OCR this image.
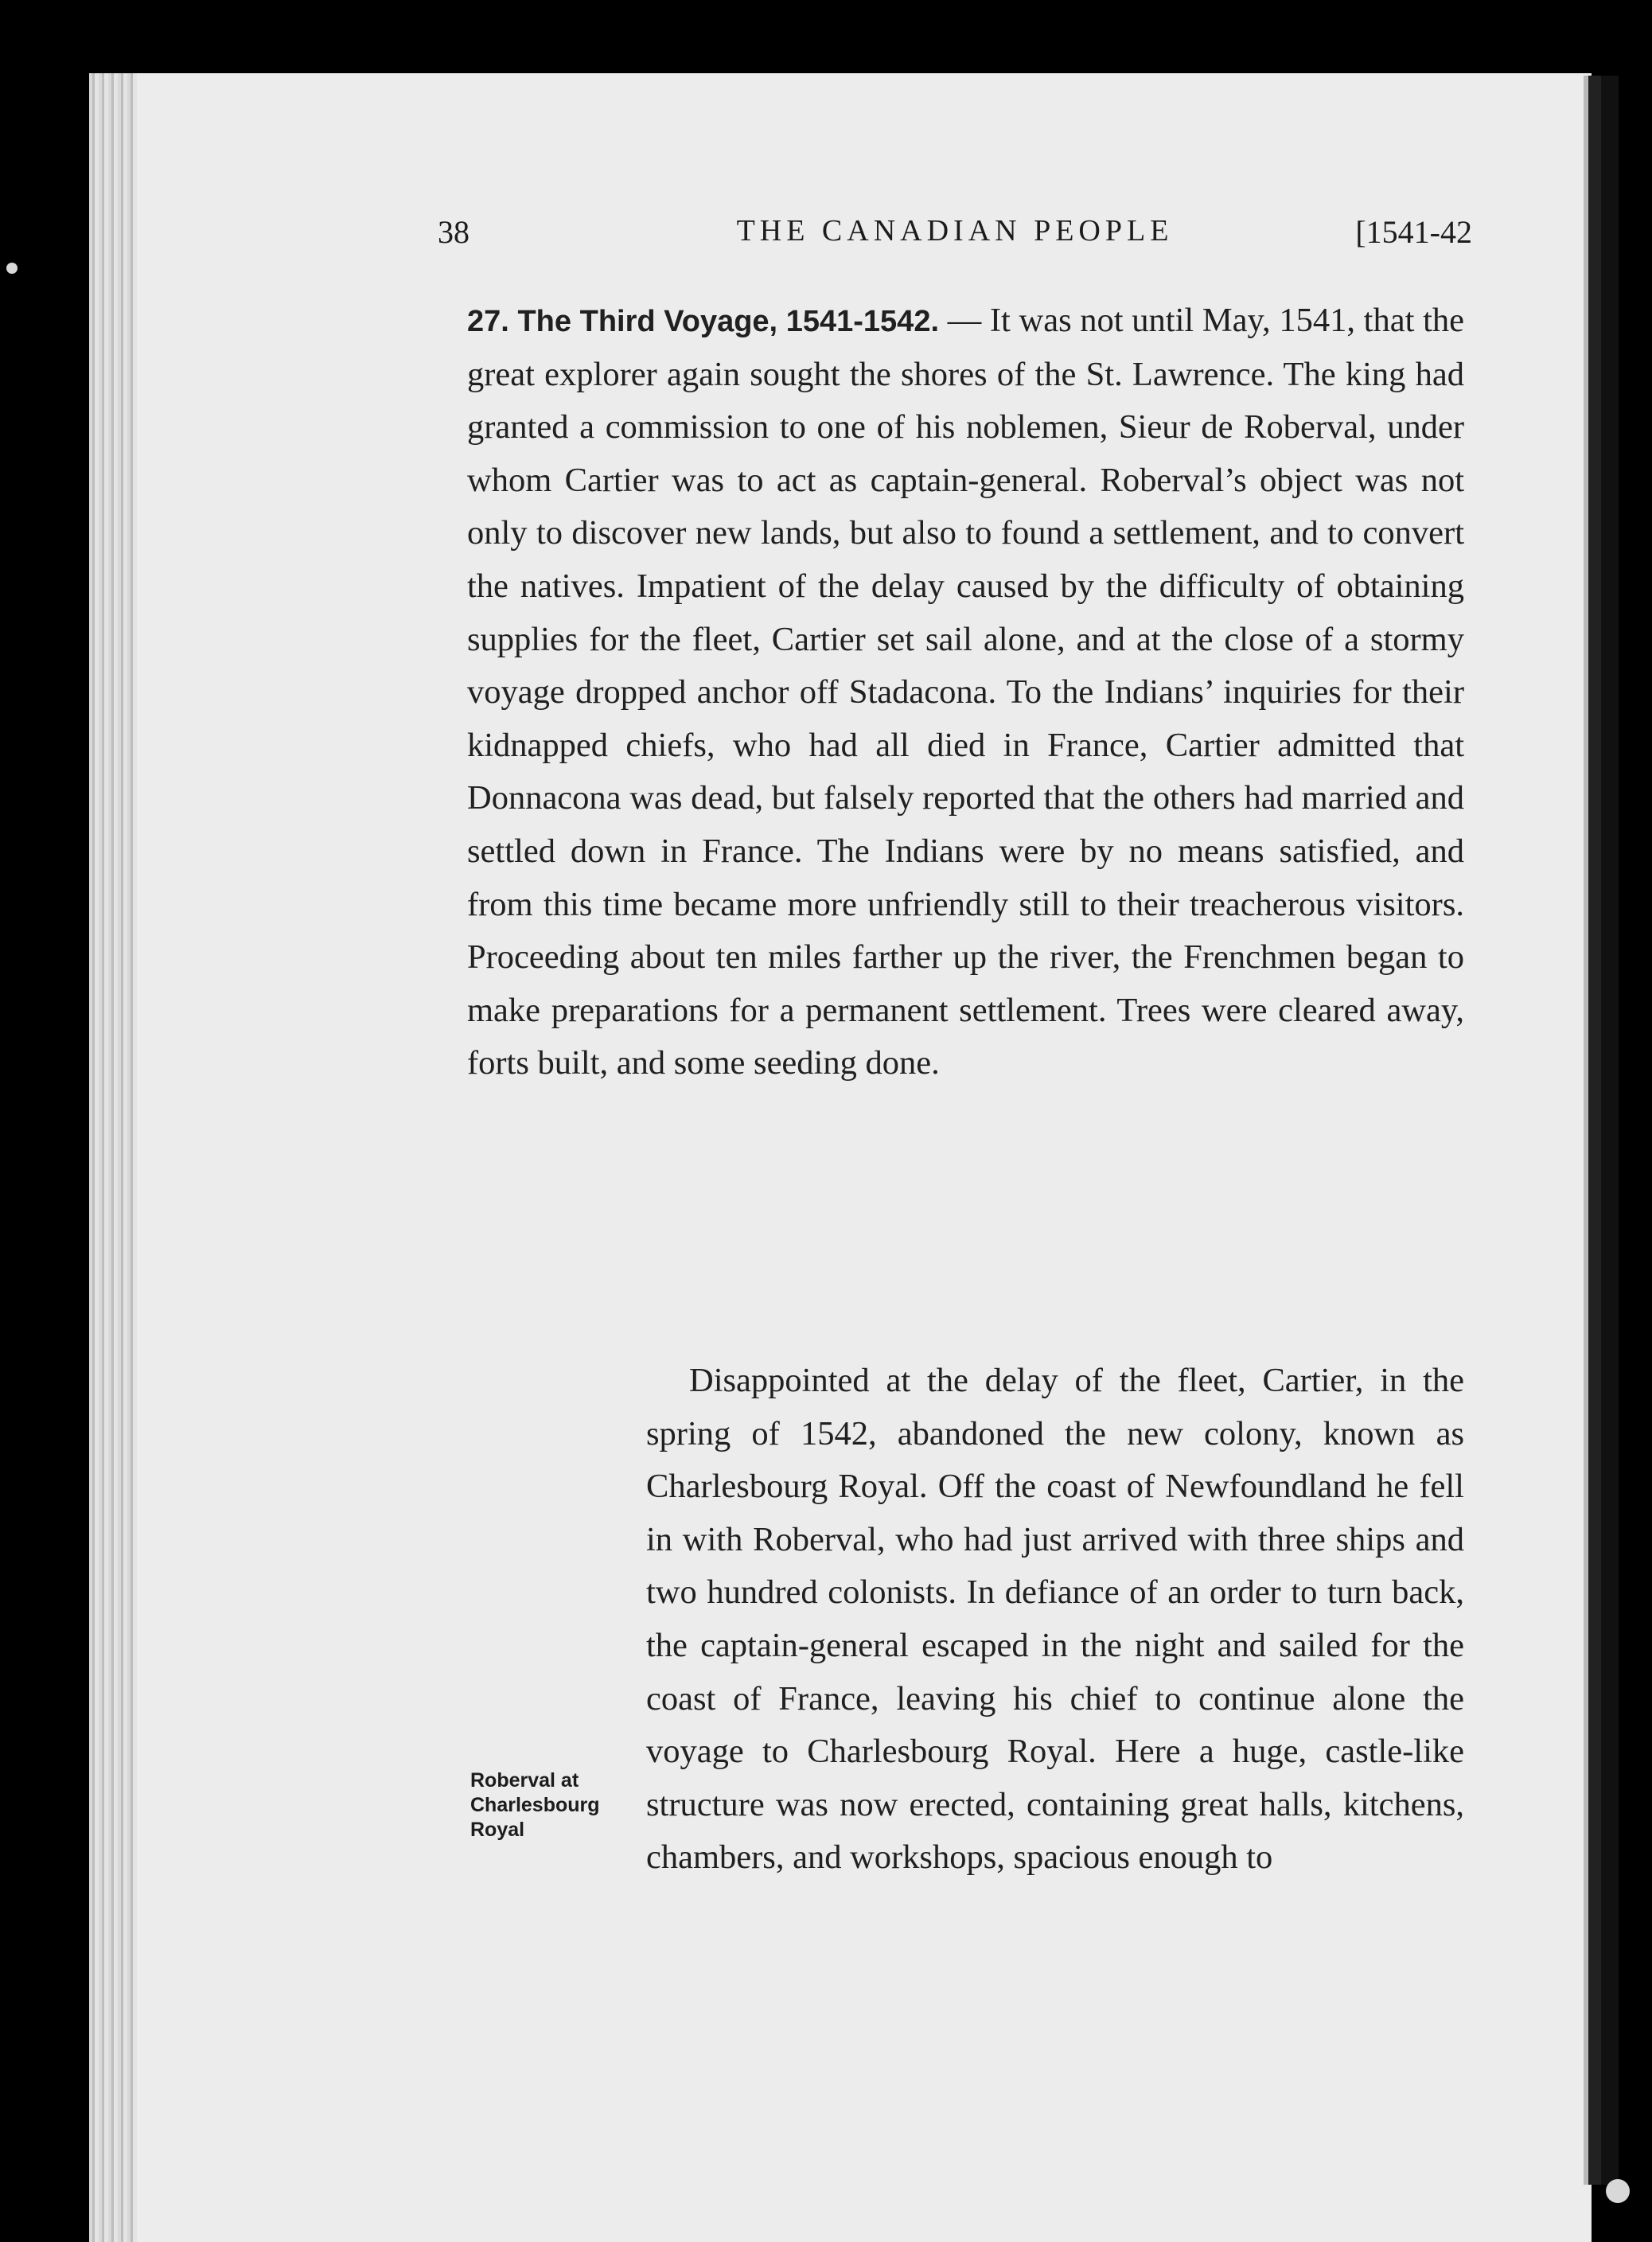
38	THE CANADIAN PEOPLE	[1541-42
27. The Third Voyage, 1541-1542. — It was not until May, 1541, that the great explorer again sought the shores of the St. Lawrence. The king had granted a commission to one of his noblemen, Sieur de Roberval, under whom Cartier was to act as captain-general. Roberval’s object was not only to discover new lands, but also to found a settlement, and to convert the natives. Impatient of the delay caused by the difficulty of obtaining supplies for the fleet, Cartier set sail alone, and at the close of a stormy voyage dropped anchor off Stadacona. To the Indians’ inquiries for their kidnapped chiefs, who had all died in France, Cartier admitted that Donnacona was dead, but falsely reported that the others had married and settled down in France. The Indians were by no means satisfied, and from this time became more unfriendly still to their treacherous visitors. Proceeding about ten miles farther up the river, the Frenchmen began to make preparations for a permanent settlement. Trees were cleared away, forts built, and some seeding done.
Disappointed at the delay of the fleet, Cartier, in the spring of 1542, abandoned the new colony, known as Charlesbourg Royal. Off the coast of Newfoundland he fell in with Roberval, who had just arrived with three ships and two hundred colonists. In defiance of an order to turn back, the captain-general escaped in the night and sailed for the coast of France, leaving his chief to continue alone the voyage to Charlesbourg Royal. Here a huge, castle-like structure was now erected, containing great halls, kitchens, chambers, and workshops, spacious enough to
Roberval at
Charlesbourg
Royal
